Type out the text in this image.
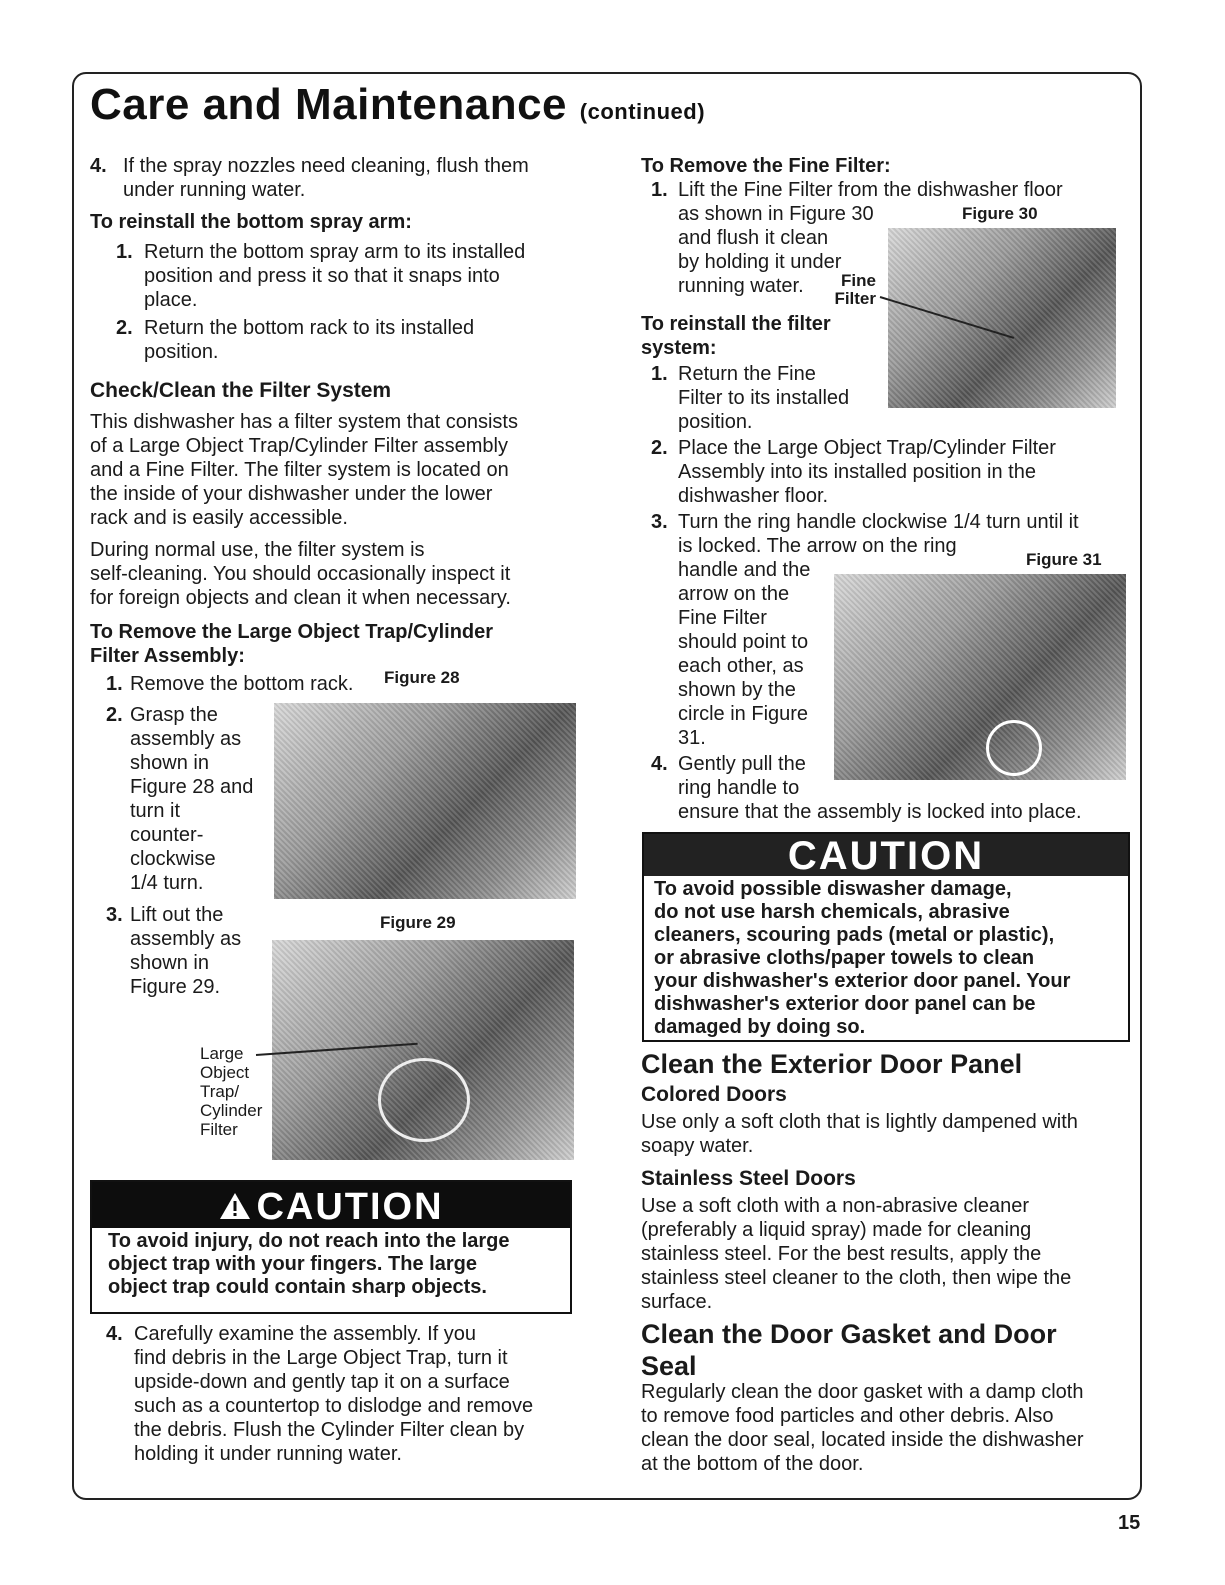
Care and Maintenance (continued)
4. If the spray nozzles need cleaning, flush them
under running water.
To reinstall the bottom spray arm:
1. Return the bottom spray arm to its installed
position and press it so that it snaps into
place.
2. Return the bottom rack to its installed
position.
Check/Clean the Filter System
This dishwasher has a filter system that consists
of a Large Object Trap/Cylinder Filter assembly
and a Fine Filter. The filter system is located on
the inside of your dishwasher under the lower
rack and is easily accessible.
During normal use, the filter system is
self-cleaning. You should occasionally inspect it
for foreign objects and clean it when necessary.
To Remove the Large Object Trap/Cylinder
Filter Assembly:
1. Remove the bottom rack. Figure 28
2. Grasp the
assembly as
shown in
Figure 28 and
turn it
counter-
clockwise
1/4 turn.
3. Lift out the
assembly as
shown in
Figure 29.
Figure 29
Large
Object
Trap/
Cylinder
Filter
CAUTION
To avoid injury, do not reach into the large
object trap with your fingers. The large
object trap could contain sharp objects.
4. Carefully examine the assembly. If you
find debris in the Large Object Trap, turn it
upside-down and gently tap it on a surface
such as a countertop to dislodge and remove
the debris. Flush the Cylinder Filter clean by
holding it under running water.
To Remove the Fine Filter:
1. Lift the Fine Filter from the dishwasher floor
as shown in Figure 30
and flush it clean
by holding it under
running water.
Figure 30
Fine
Filter
To reinstall the filter
system:
1. Return the Fine
Filter to its installed
position.
2. Place the Large Object Trap/Cylinder Filter
Assembly into its installed position in the
dishwasher floor.
3. Turn the ring handle clockwise 1/4 turn until it
is locked. The arrow on the ring
handle and the
arrow on the
Fine Filter
should point to
each other, as
shown by the
circle in Figure
31.
Figure 31
4. Gently pull the
ring handle to
ensure that the assembly is locked into place.
CAUTION
To avoid possible diswasher damage,
do not use harsh chemicals, abrasive
cleaners, scouring pads (metal or plastic),
or abrasive cloths/paper towels to clean
your dishwasher's exterior door panel. Your
dishwasher's exterior door panel can be
damaged by doing so.
Clean the Exterior Door Panel
Colored Doors
Use only a soft cloth that is lightly dampened with
soapy water.
Stainless Steel Doors
Use a soft cloth with a non-abrasive cleaner
(preferably a liquid spray) made for cleaning
stainless steel. For the best results, apply the
stainless steel cleaner to the cloth, then wipe the
surface.
Clean the Door Gasket and Door
Seal
Regularly clean the door gasket with a damp cloth
to remove food particles and other debris. Also
clean the door seal, located inside the dishwasher
at the bottom of the door.
15
